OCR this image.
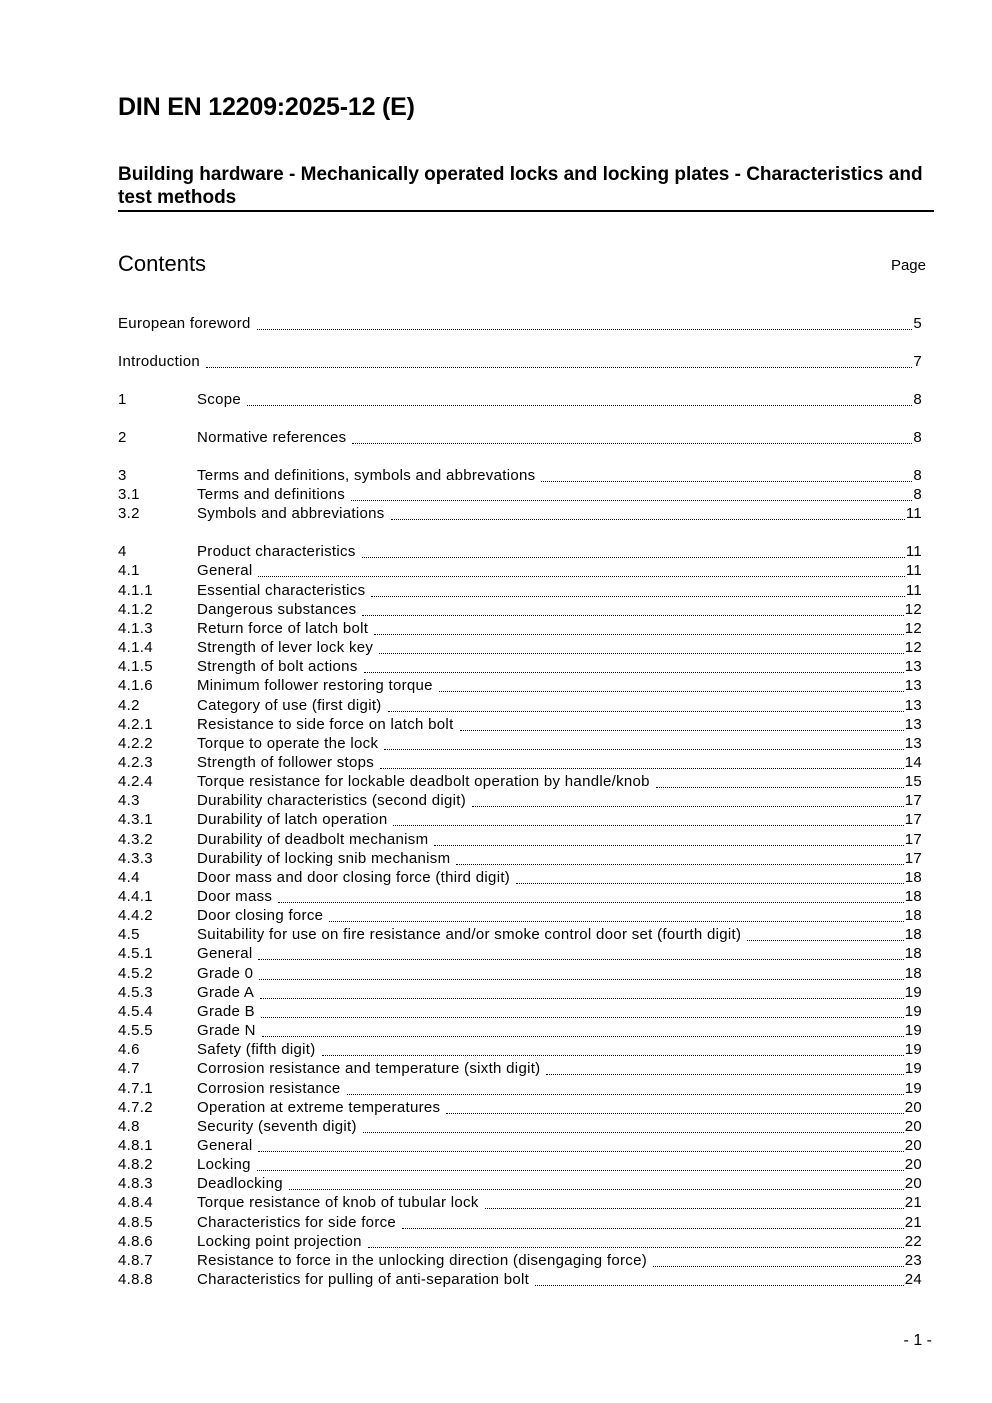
DIN EN 12209:2025-12 (E)
Building hardware - Mechanically operated locks and locking plates - Characteristics and test methods
Contents	Page
European foreword	5
Introduction	7
1	Scope	8
2	Normative references	8
3	Terms and definitions, symbols and abbrevations	8
3.1	Terms and definitions	8
3.2	Symbols and abbreviations	11
4	Product characteristics	11
4.1	General	11
4.1.1	Essential characteristics	11
4.1.2	Dangerous substances	12
4.1.3	Return force of latch bolt	12
4.1.4	Strength of lever lock key	12
4.1.5	Strength of bolt actions	13
4.1.6	Minimum follower restoring torque	13
4.2	Category of use (first digit)	13
4.2.1	Resistance to side force on latch bolt	13
4.2.2	Torque to operate the lock	13
4.2.3	Strength of follower stops	14
4.2.4	Torque resistance for lockable deadbolt operation by handle/knob	15
4.3	Durability characteristics (second digit)	17
4.3.1	Durability of latch operation	17
4.3.2	Durability of deadbolt mechanism	17
4.3.3	Durability of locking snib mechanism	17
4.4	Door mass and door closing force (third digit)	18
4.4.1	Door mass	18
4.4.2	Door closing force	18
4.5	Suitability for use on fire resistance and/or smoke control door set (fourth digit)	18
4.5.1	General	18
4.5.2	Grade 0	18
4.5.3	Grade A	19
4.5.4	Grade B	19
4.5.5	Grade N	19
4.6	Safety (fifth digit)	19
4.7	Corrosion resistance and temperature (sixth digit)	19
4.7.1	Corrosion resistance	19
4.7.2	Operation at extreme temperatures	20
4.8	Security (seventh digit)	20
4.8.1	General	20
4.8.2	Locking	20
4.8.3	Deadlocking	20
4.8.4	Torque resistance of knob of tubular lock	21
4.8.5	Characteristics for side force	21
4.8.6	Locking point projection	22
4.8.7	Resistance to force in the unlocking direction (disengaging force)	23
4.8.8	Characteristics for pulling of anti-separation bolt	24
- 1 -
